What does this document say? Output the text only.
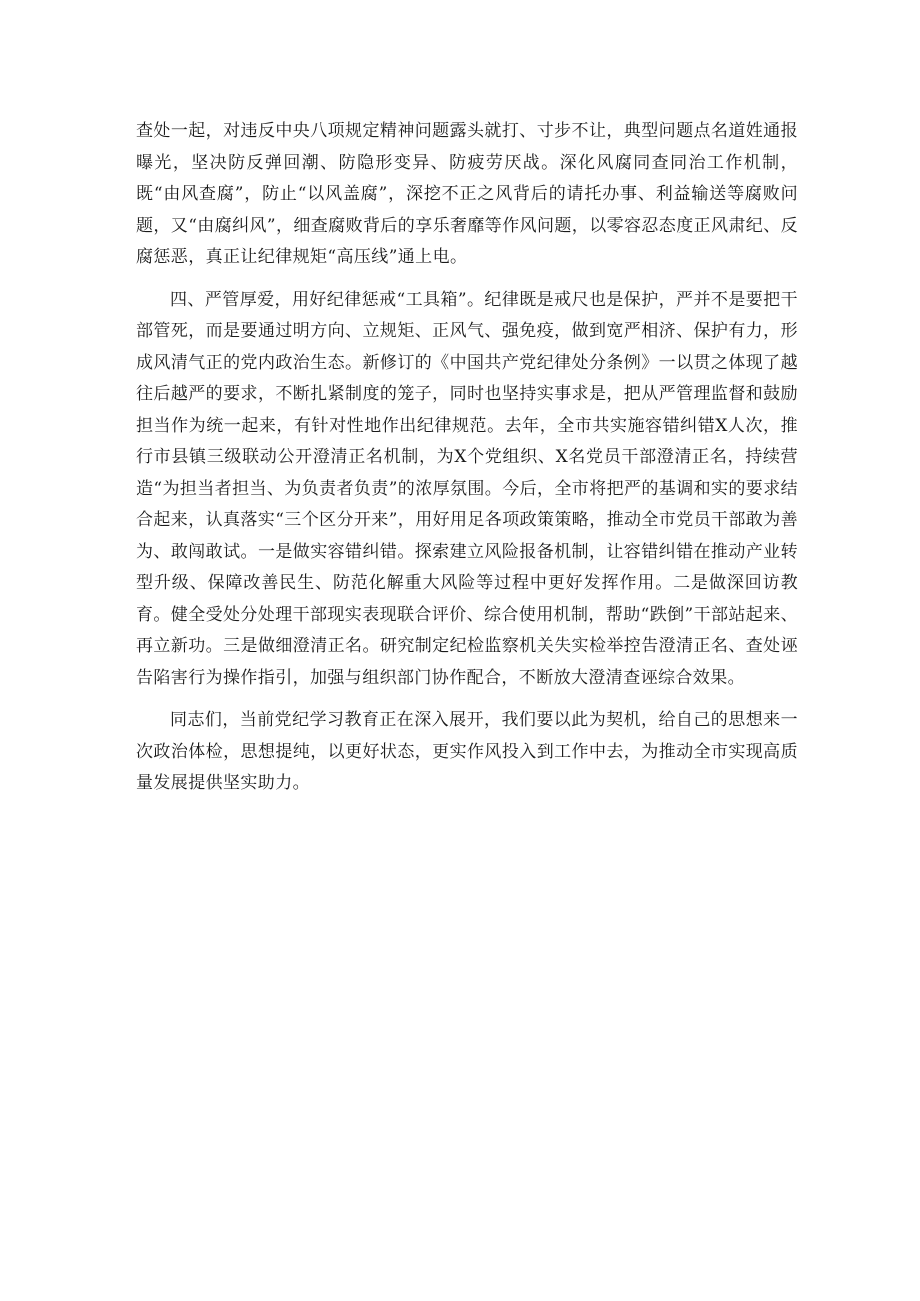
查处一起，对违反中央八项规定精神问题露头就打、寸步不让，典型问题点名道姓通报曝光，坚决防反弹回潮、防隐形变异、防疲劳厌战。深化风腐同查同治工作机制，既“由风查腐”，防止“以风盖腐”，深挖不正之风背后的请托办事、利益输送等腐败问题，又“由腐纠风”，细查腐败背后的享乐奢靡等作风问题，以零容忍态度正风肃纪、反腐惩恶，真正让纪律规矩“高压线”通上电。

四、严管厚爱，用好纪律惩戒“工具箱”。纪律既是戒尺也是保护，严并不是要把干部管死，而是要通过明方向、立规矩、正风气、强免疫，做到宽严相济、保护有力，形成风清气正的党内政治生态。新修订的《中国共产党纪律处分条例》一以贯之体现了越往后越严的要求，不断扎紧制度的笼子，同时也坚持实事求是，把从严管理监督和鼓励担当作为统一起来，有针对性地作出纪律规范。去年，全市共实施容错纠错X人次，推行市县镇三级联动公开澄清正名机制，为X个党组织、X名党员干部澄清正名，持续营造“为担当者担当、为负责者负责”的浓厚氛围。今后，全市将把严的基调和实的要求结合起来，认真落实“三个区分开来”，用好用足各项政策策略，推动全市党员干部敢为善为、敢闯敢试。一是做实容错纠错。探索建立风险报备机制，让容错纠错在推动产业转型升级、保障改善民生、防范化解重大风险等过程中更好发挥作用。二是做深回访教育。健全受处分处理干部现实表现联合评价、综合使用机制，帮助“跌倒”干部站起来、再立新功。三是做细澄清正名。研究制定纪检监察机关失实检举控告澄清正名、查处诬告陷害行为操作指引，加强与组织部门协作配合，不断放大澄清查诬综合效果。

同志们，当前党纪学习教育正在深入展开，我们要以此为契机，给自己的思想来一次政治体检，思想提纯，以更好状态，更实作风投入到工作中去，为推动全市实现高质量发展提供坚实助力。
